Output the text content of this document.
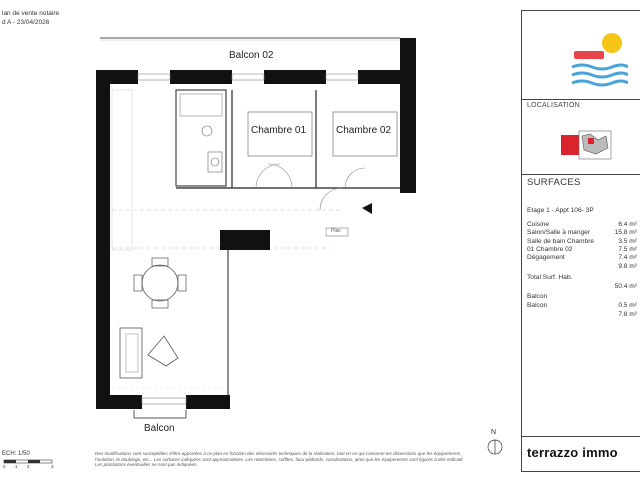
lan de vente notaire
d A - 23/04/2026
Balcon 02
Chambre 01	Chambre 02
Balcon
Plac
ECH: 1/50
0 1 2	3
Des modifications sont susceptibles d'être apportées à ce plan en fonction des nécessités techniques de la réalisation, tant en ce qui concerne les dimensions que les équipements, l'isolation, le doublage, etc... Les surfaces indiquées sont approximatives. Les retombées, soffites, faux-plafonds, canalisations, ainsi que les équipements sont figurés à titre indicatif. Les plantations éventuelles ne sont pas indiquées.
N
LOCALISATION
SURFACES
Etage 1 - Appt 106- 3P
Cuisine	6.4 m²
Salon/Salle à manger	15.8 m²
Salle de bain Chambre	3.5 m²
01 Chambre 02	7.5 m²
Dégagement	7.4 m²
9.8 m²
Total Surf. Hab.
50.4 m²
Balcon
Balcon	0.5 m²
7.8 m²
terrazzo immo
